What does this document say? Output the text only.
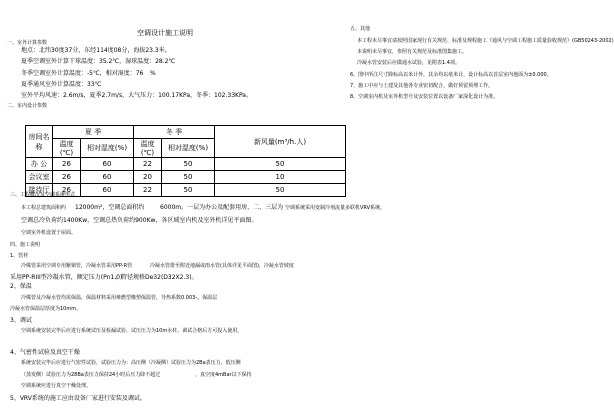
空调设计施工说明
一、室外计算参数
地点：北纬30度37分，东经114度08分，海拔23.3米。
夏季空调室外计算干球温度：35.2℃，湿球温度：28.2℃
冬季空调室外计算温度：-5℃，相对湿度：76 %
夏季通风室外计算温度：33℃
室外平均风速：2.6m/s，夏季2.7m/s，大气压力：100.17KPa，冬季：102.33KPa。
二、室内设计参数
房间名称	夏 季		冬 季		新风量(m³/h.人)
	温度(℃)	相对湿度(%)	温度(℃)	相对湿度(%)	
办 公	26	60	22	50	50
会议室	26	60	20	50	10
接待厅	26	60	22	50	50
三、工程概况及空调系统形式
本工程总建筑面积约 12000m²，空调总面积约	6000m。一层为办公及配套用房，二、三层为 空调系统采用变制冷剂流量多联机VRV系统。
空调总冷负荷约1400Kw，空调总热负荷约900Kw，各区域室内机及室外机详见平面图。
空调室外机设置于屋面。
四、施工说明
1、管材
冷媒管采用空调专用紫铜管，冷凝水管采用PP-R管	冷凝水管排至附近地漏或雨水管(具体详见平面图)，冷凝水管坡度
采用PP-RIII型冷凝水管，额定压力(Pn1.0)
，管径规格De32(D32X2.3)。
2、保温
冷媒管及冷凝水管均需保温，保温材料采用难燃型橡塑保温管，导热系数0.003-。保温层
冷凝水管保温层厚度为10mm。
3、调试
空调系统安装完毕后应进行系统试压及检漏试验，试压压力为10m水柱，调试合格后方可投入使用。
4、气密性试验及真空干燥
系统安装完毕后应进行气密性试验，试验压力为：高压侧（冷凝侧）试验压力为2Ba表压力，低压侧
（蒸发侧）试验压力为28Ba表压力保持24小时后压力降不超过	，真空度4mBar以下保持
空调系统应进行真空干燥处理。
5、VRV系统的施工应由设备厂家进行安装及调试。
五、其他
本工程未尽事宜请按照国家现行有关规范、标准及规程施工《通风与空调工程施工质量验收规范》(GB50243-2002)
本说明未尽事宜，参照有关规范及标准图集施工。
冷凝水管安装后应做通水试验，见附表1.4项。
6、图中所注尺寸除标高以米计外，其余均以毫米计，设计标高以首层室内地面为±0.000。
7、施工中应与土建及其他各专业密切配合，做好预留预埋工作。
8、空调室内机及室外机型号及安装位置以设备厂家深化设计为准。
